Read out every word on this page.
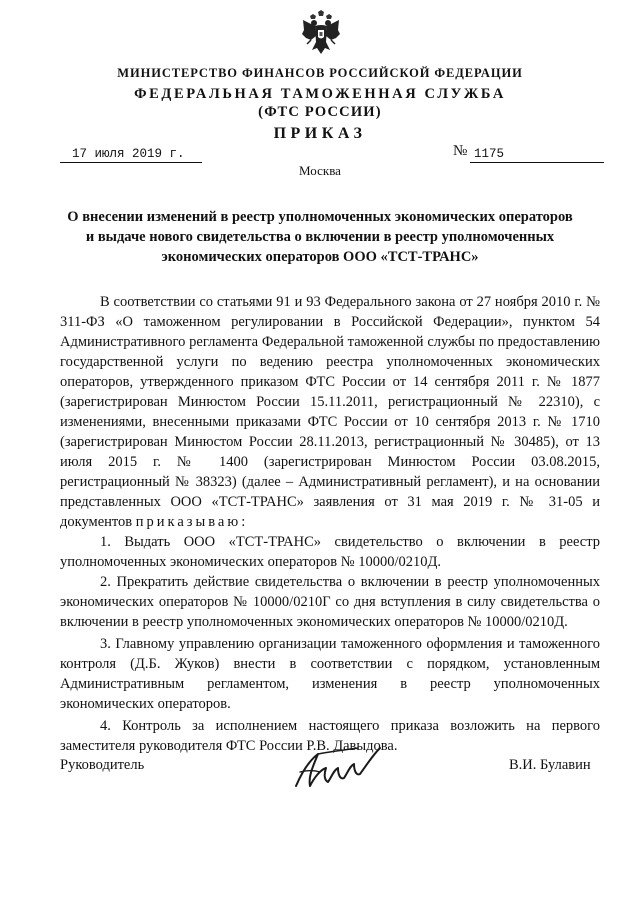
МИНИСТЕРСТВО ФИНАНСОВ РОССИЙСКОЙ ФЕДЕРАЦИИ
ФЕДЕРАЛЬНАЯ ТАМОЖЕННАЯ СЛУЖБА
(ФТС РОССИИ)
ПРИКАЗ
17 июля 2019 г.	№ 1175
Москва
О внесении изменений в реестр уполномоченных экономических операторов
и выдаче нового свидетельства о включении в реестр уполномоченных
экономических операторов ООО «ТСТ-ТРАНС»

В соответствии со статьями 91 и 93 Федерального закона от 27 ноября 2010 г. № 311-ФЗ «О таможенном регулировании в Российской Федерации», пунктом 54 Административного регламента Федеральной таможенной службы по предоставлению государственной услуги по ведению реестра уполномоченных экономических операторов, утвержденного приказом ФТС России от 14 сентября 2011 г. № 1877 (зарегистрирован Минюстом России 15.11.2011, регистрационный № 22310), с изменениями, внесенными приказами ФТС России от 10 сентября 2013 г. № 1710 (зарегистрирован Минюстом России 28.11.2013, регистрационный № 30485), от 13 июля 2015 г. № 1400 (зарегистрирован Минюстом России 03.08.2015, регистрационный № 38323) (далее – Административный регламент), и на основании представленных ООО «ТСТ-ТРАНС» заявления от 31 мая 2019 г. № 31-05 и документов приказываю:

1. Выдать ООО «ТСТ-ТРАНС» свидетельство о включении в реестр уполномоченных экономических операторов № 10000/0210Д.

2. Прекратить действие свидетельства о включении в реестр уполномоченных экономических операторов № 10000/0210Г со дня вступления в силу свидетельства о включении в реестр уполномоченных экономических операторов № 10000/0210Д.

3. Главному управлению организации таможенного оформления и таможенного контроля (Д.Б. Жуков) внести в соответствии с порядком, установленным Административным регламентом, изменения в реестр уполномоченных экономических операторов.

4. Контроль за исполнением настоящего приказа возложить на первого заместителя руководителя ФТС России Р.В. Давыдова.

Руководитель	В.И. Булавин
